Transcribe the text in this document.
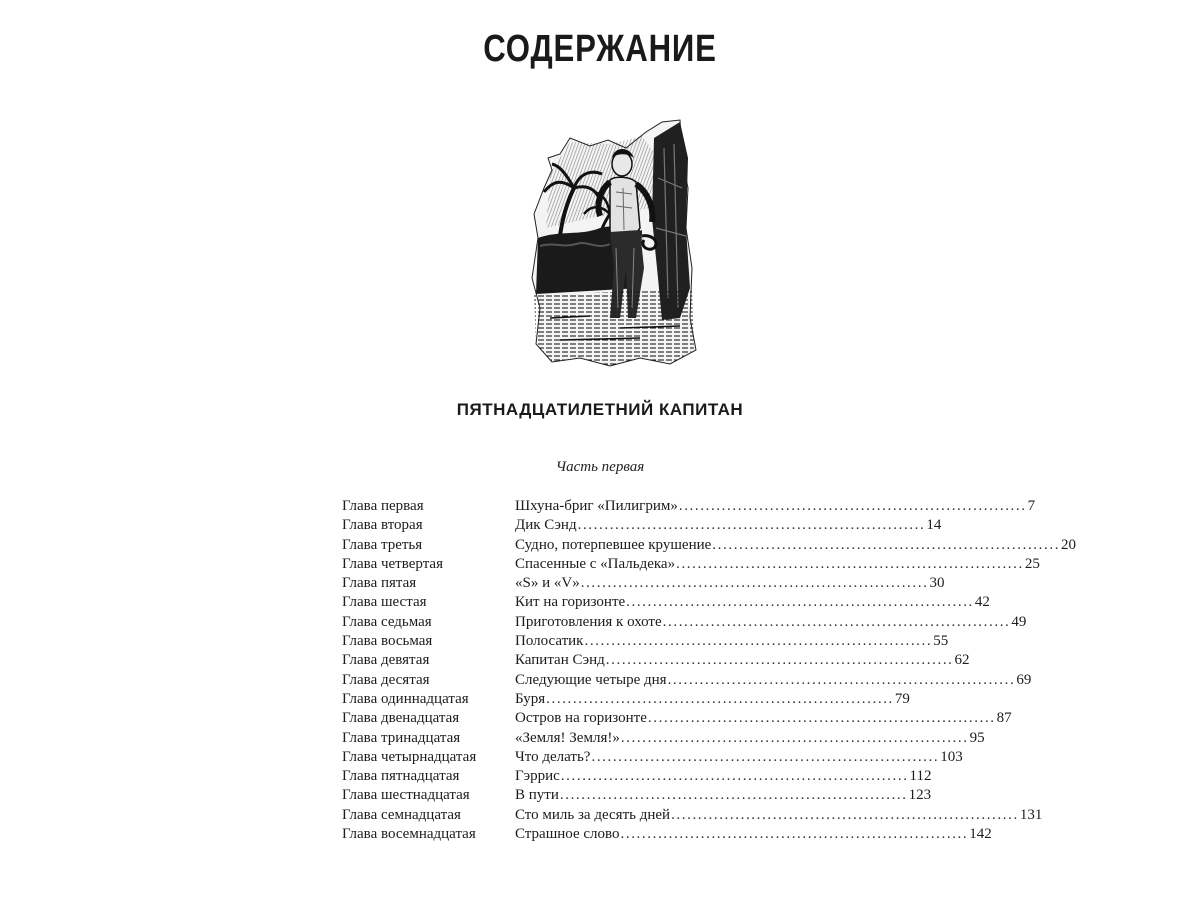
СОДЕРЖАНИЕ
ПЯТНАДЦАТИЛЕТНИЙ КАПИТАН
Часть первая
Глава первая	Шхуна-бриг «Пилигрим» ................................................................. 7
Глава вторая	Дик Сэнд ................................................................. 14
Глава третья	Судно, потерпевшее крушение ................................................................. 20
Глава четвертая	Спасенные с «Пальдека» ................................................................. 25
Глава пятая	«S» и «V» ................................................................. 30
Глава шестая	Кит на горизонте ................................................................. 42
Глава седьмая	Приготовления к охоте ................................................................. 49
Глава восьмая	Полосатик ................................................................. 55
Глава девятая	Капитан Сэнд ................................................................. 62
Глава десятая	Следующие четыре дня ................................................................. 69
Глава одиннадцатая	Буря ................................................................. 79
Глава двенадцатая	Остров на горизонте ................................................................. 87
Глава тринадцатая	«Земля! Земля!» ................................................................. 95
Глава четырнадцатая	Что делать? ................................................................. 103
Глава пятнадцатая	Гэррис ................................................................. 112
Глава шестнадцатая	В пути ................................................................. 123
Глава семнадцатая	Сто миль за десять дней ................................................................. 131
Глава восемнадцатая	Страшное слово ................................................................. 142
